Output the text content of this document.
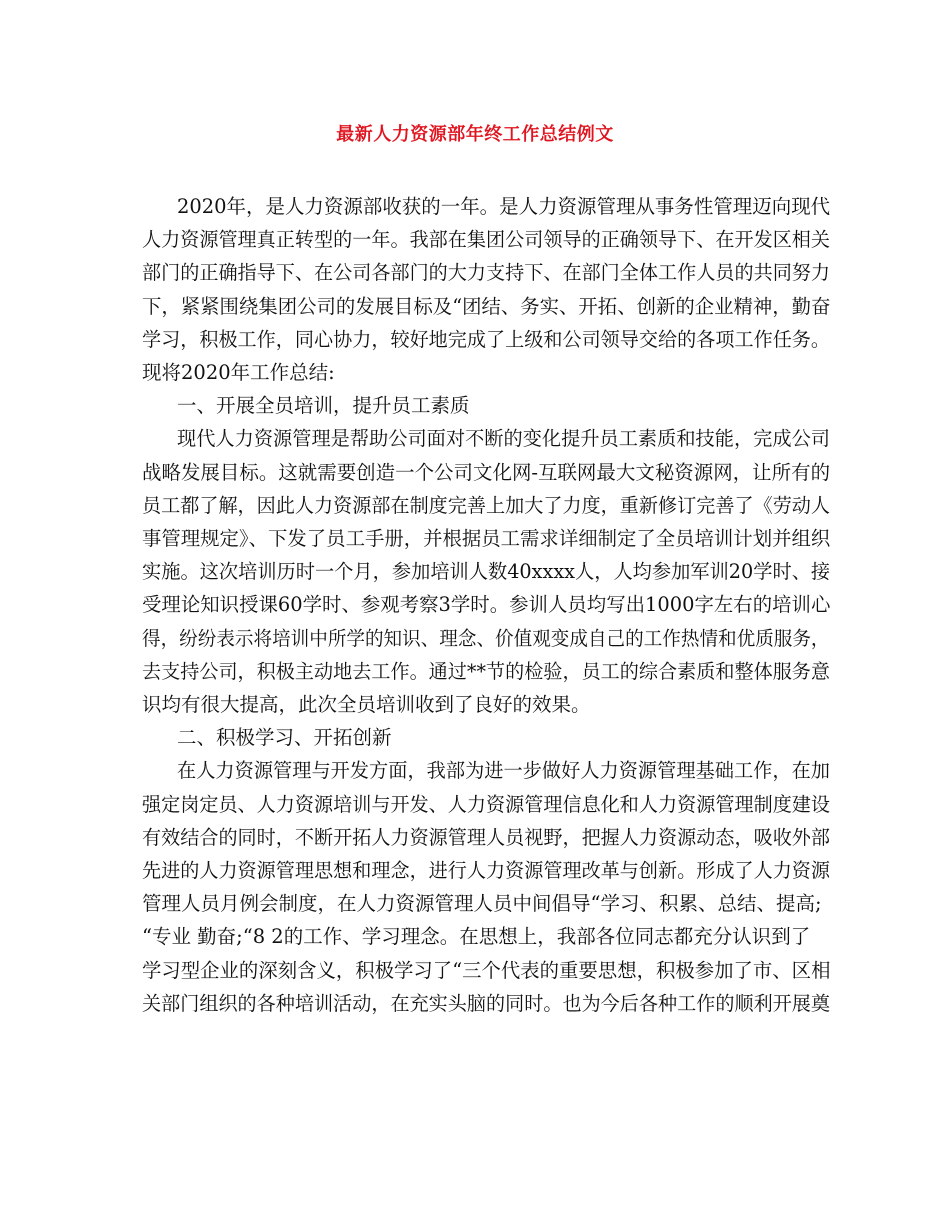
最新人力资源部年终工作总结例文
2020年，是人力资源部收获的一年。是人力资源管理从事务性管理迈向现代
人力资源管理真正转型的一年。我部在集团公司领导的正确领导下、在开发区相关
部门的正确指导下、在公司各部门的大力支持下、在部门全体工作人员的共同努力
下，紧紧围绕集团公司的发展目标及“团结、务实、开拓、创新的企业精神，勤奋
学习，积极工作，同心协力，较好地完成了上级和公司领导交给的各项工作任务。
现将2020年工作总结:
一、开展全员培训，提升员工素质
现代人力资源管理是帮助公司面对不断的变化提升员工素质和技能，完成公司
战略发展目标。这就需要创造一个公司文化网-互联网最大文秘资源网，让所有的
员工都了解，因此人力资源部在制度完善上加大了力度，重新修订完善了《劳动人
事管理规定》、下发了员工手册，并根据员工需求详细制定了全员培训计划并组织
实施。这次培训历时一个月，参加培训人数40xxxx人，人均参加军训20学时、接
受理论知识授课60学时、参观考察3学时。参训人员均写出1000字左右的培训心
得，纷纷表示将培训中所学的知识、理念、价值观变成自己的工作热情和优质服务，
去支持公司，积极主动地去工作。通过**节的检验，员工的综合素质和整体服务意
识均有很大提高，此次全员培训收到了良好的效果。
二、积极学习、开拓创新
在人力资源管理与开发方面，我部为进一步做好人力资源管理基础工作，在加
强定岗定员、人力资源培训与开发、人力资源管理信息化和人力资源管理制度建设
有效结合的同时，不断开拓人力资源管理人员视野，把握人力资源动态，吸收外部
先进的人力资源管理思想和理念，进行人力资源管理改革与创新。形成了人力资源
管理人员月例会制度，在人力资源管理人员中间倡导“学习、积累、总结、提高;
“专业 勤奋;“8 2的工作、学习理念。在思想上，我部各位同志都充分认识到了
学习型企业的深刻含义，积极学习了“三个代表的重要思想，积极参加了市、区相
关部门组织的各种培训活动，在充实头脑的同时。也为今后各种工作的顺利开展奠
